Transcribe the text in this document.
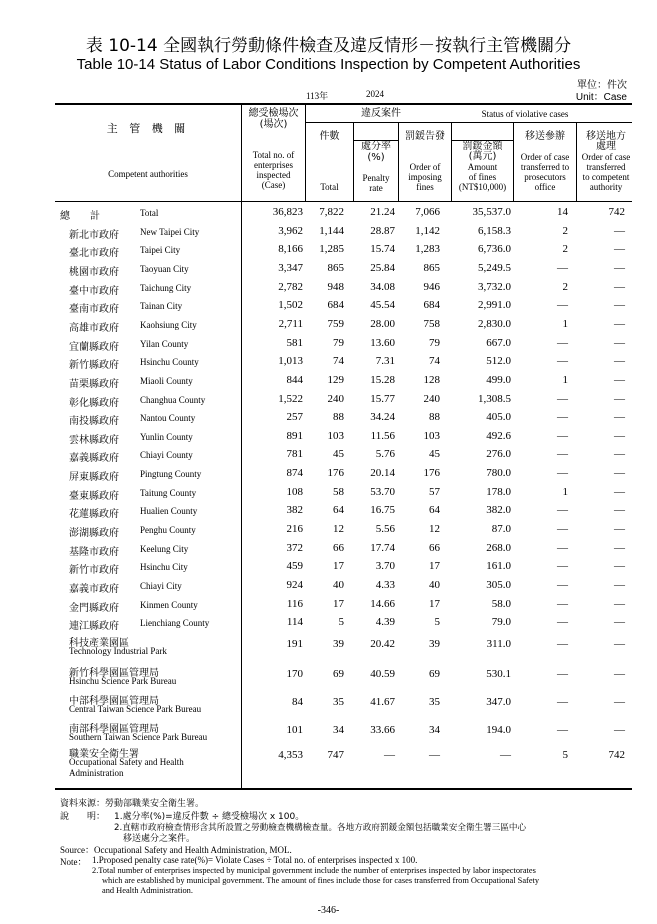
表 10-14 全國執行勞動條件檢查及違反情形－按執行主管機關分
Table 10-14 Status of Labor Conditions Inspection by Competent Authorities
單位：件次
Unit：Case
113年	2024
主 管 機 關
Competent authorities
總受檢場次
(場次)
Total no. of
enterprises
inspected
(Case)
違反案件	Status of violative cases
件數
Total
處分率
(%)
Penalty
rate
罰鍰告發
Order of
imposing
fines
罰鍰金額
(萬元)
Amount
of fines
(NT$10,000)
移送參辦
Order of case
transferred to
prosecutors
office
移送地方
處理
Order of case
transferred
to competent
authority
總　　計	Total	36,823 7,822 21.24 7,066	35,537.0	14	742
新北市政府 New Taipei City	3,962 1,144 28.87 1,142	6,158.3	2	—
臺北市政府 Taipei City	8,166 1,285 15.74 1,283	6,736.0	2	—
桃園市政府 Taoyuan City	3,347 865 25.84	865	5,249.5	—	—
臺中市政府 Taichung City	2,782 948 34.08	946	3,732.0	2	—
臺南市政府 Tainan City	1,502 684 45.54	684	2,991.0	—	—
高雄市政府 Kaohsiung City	2,711 759 28.00	758	2,830.0	1	—
宜蘭縣政府 Yilan County	581	79 13.60	79	667.0	—	—
新竹縣政府 Hsinchu County	1,013	74	7.31	74	512.0	—	—
苗栗縣政府 Miaoli County	844 129 15.28	128	499.0	1	—
彰化縣政府 Changhua County	1,522 240 15.77	240	1,308.5	—	—
南投縣政府 Nantou County	257	88 34.24	88	405.0	—	—
雲林縣政府 Yunlin County	891 103 11.56	103	492.6	—	—
嘉義縣政府 Chiayi County	781	45	5.76	45	276.0	—	—
屏東縣政府 Pingtung County	874 176 20.14	176	780.0	—	—
臺東縣政府 Taitung County	108	58 53.70	57	178.0	1	—
花蓮縣政府 Hualien County	382	64 16.75	64	382.0	—	—
澎湖縣政府 Penghu County	216	12	5.56	12	87.0	—	—
基隆市政府 Keelung City	372	66 17.74	66	268.0	—	—
新竹市政府 Hsinchu City	459	17	3.70	17	161.0	—	—
嘉義市政府 Chiayi City	924	40	4.33	40	305.0	—	—
金門縣政府 Kinmen County	116	17 14.66	17	58.0	—	—
連江縣政府 Lienchiang County	114	5	4.39	5	79.0	—	—
科技產業園區
Technology Industrial Park
191	39 20.42	39	311.0	—	—
新竹科學園區管理局
Hsinchu Science Park Bureau
170	69 40.59	69	530.1	—	—
中部科學園區管理局
Central Taiwan Science Park Bureau
84	35 41.67	35	347.0	—	—
南部科學園區管理局
Southern Taiwan Science Park Bureau
101	34 33.66	34	194.0	—	—
職業安全衛生署
Occupational Safety and Health
Administration
4,353 747	—	—	—	5	742
資料來源：勞動部職業安全衛生署。
說　　明： 1.處分率(%)=違反件數 ÷ 總受檢場次 x 100。
2.直轄市政府檢查情形含其所設置之勞動檢查機構檢查量。各地方政府罰鍰金額包括職業安全衛生署三區中心
移送處分之案件。
Source：Occupational Safety and Health Administration, MOL.
Note： 1.Proposed penalty case rate(%)= Violate Cases ÷ Total no. of enterprises inspected x 100.
2.Total number of enterprises inspected by municipal government include the number of enterprises inspected by labor inspectorates
which are established by municipal government. The amount of fines include those for cases transferred from Occupational Safety
and Health Administration.
-346-
